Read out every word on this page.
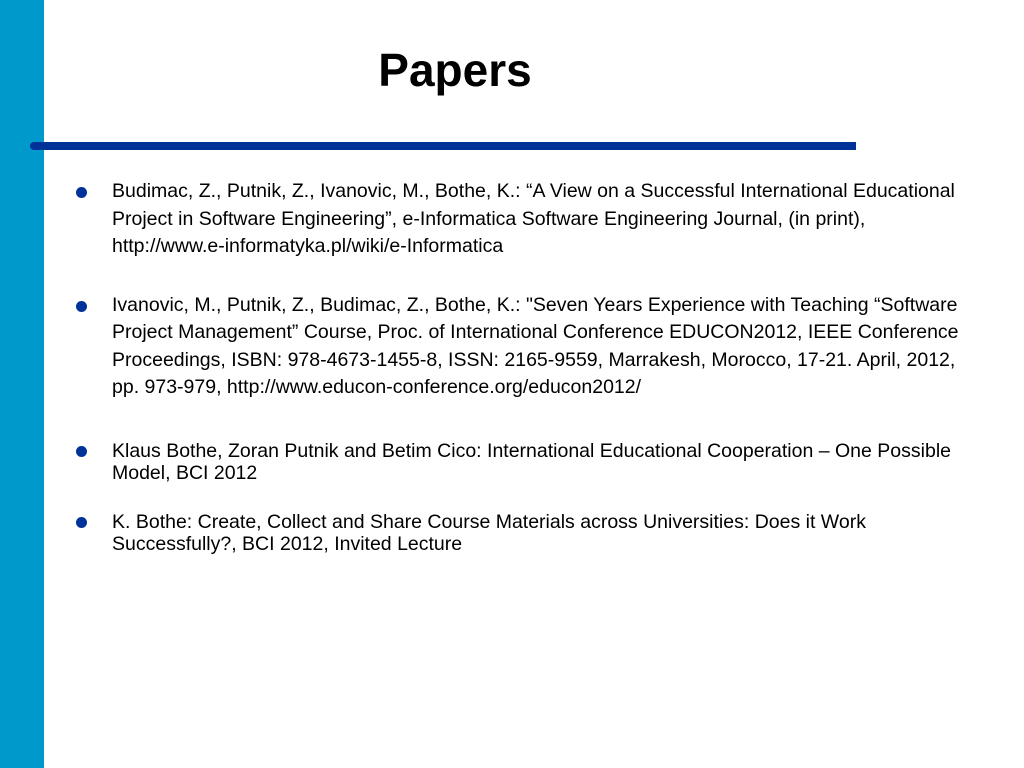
Papers
Budimac, Z., Putnik, Z., Ivanovic, M., Bothe, K.: “A View on a Successful International Educational Project in Software Engineering”, e-Informatica Software Engineering Journal, (in print), http://www.e-informatyka.pl/wiki/e-Informatica
Ivanovic, M., Putnik, Z., Budimac, Z., Bothe, K.: "Seven Years Experience with Teaching “Software Project Management” Course, Proc. of International Conference EDUCON2012, IEEE Conference Proceedings, ISBN: 978-4673-1455-8, ISSN: 2165-9559, Marrakesh, Morocco, 17-21. April, 2012, pp. 973-979, http://www.educon-conference.org/educon2012/
Klaus Bothe, Zoran Putnik and Betim Cico: International Educational Cooperation – One Possible Model, BCI 2012
K. Bothe: Create, Collect and Share Course Materials across Universities: Does it Work Successfully?, BCI 2012, Invited Lecture
